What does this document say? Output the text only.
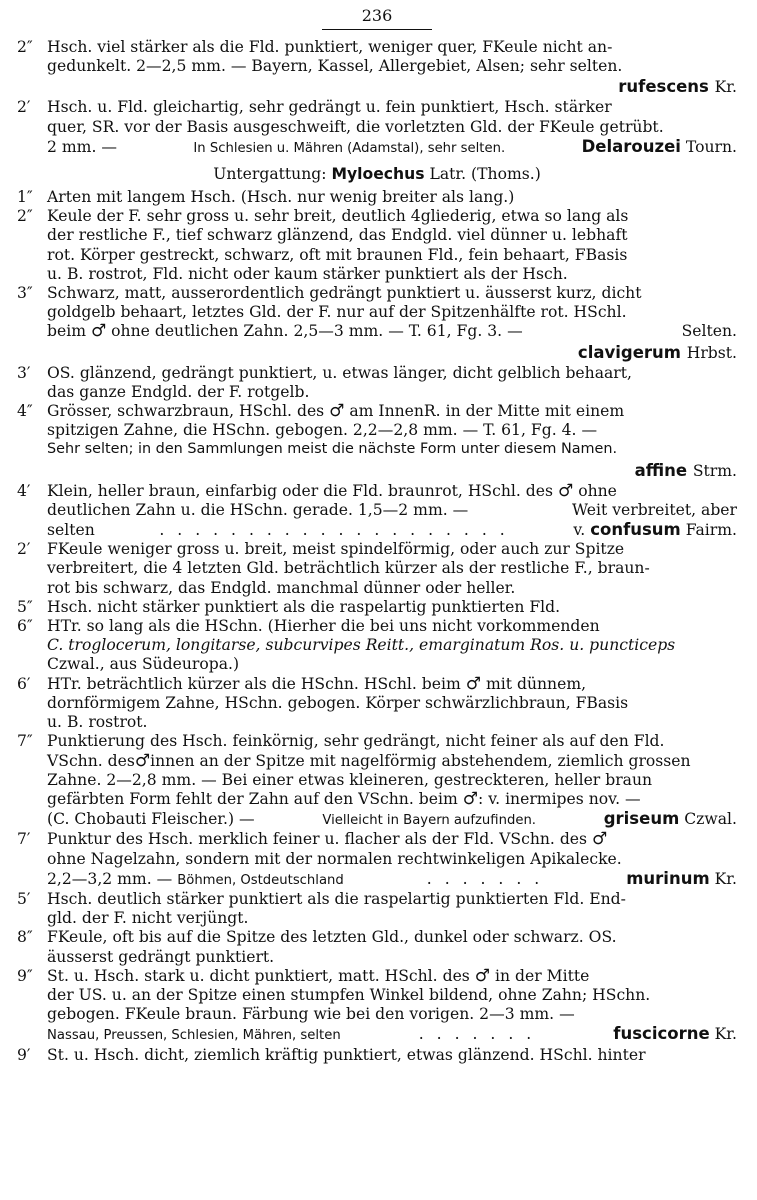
236
2″ Hsch. viel stärker als die Fld. punktiert, weniger quer, FKeule nicht an-
gedunkelt. 2—2,5 mm. — Bayern, Kassel, Allergebiet, Alsen; sehr selten.
rufescens Kr.
2′	Hsch. u. Fld. gleichartig, sehr gedrängt u. fein punktiert, Hsch. stärker
quer, SR. vor der Basis ausgeschweift, die vorletzten Gld. der FKeule getrübt.
2 mm. —	In Schlesien u. Mähren (Adamstal), sehr selten.	Delarouzei Tourn.
Untergattung: Myloechus Latr. (Thoms.)
1″ Arten mit langem Hsch. (Hsch. nur wenig breiter als lang.)
2″ Keule der F. sehr gross u. sehr breit, deutlich 4gliederig, etwa so lang als
der restliche F., tief schwarz glänzend, das Endgld. viel dünner u. lebhaft
rot. Körper gestreckt, schwarz, oft mit braunen Fld., fein behaart, FBasis
u. B. rostrot, Fld. nicht oder kaum stärker punktiert als der Hsch.
3″ Schwarz, matt, ausserordentlich gedrängt punktiert u. äusserst kurz, dicht
goldgelb behaart, letztes Gld. der F. nur auf der Spitzenhälfte rot. HSchl.
beim ♂ ohne deutlichen Zahn. 2,5—3 mm. — T. 61, Fg. 3. —	Selten.
clavigerum Hrbst.
3′	OS. glänzend, gedrängt punktiert, u. etwas länger, dicht gelblich behaart,
das ganze Endgld. der F. rotgelb.
4″ Grösser, schwarzbraun, HSchl. des ♂ am InnenR. in der Mitte mit einem
spitzigen Zahne, die HSchn. gebogen. 2,2—2,8 mm. — T. 61, Fg. 4. —
Sehr selten; in den Sammlungen meist die nächste Form unter diesem Namen.
affine Strm.
4′	Klein, heller braun, einfarbig oder die Fld. braunrot, HSchl. des ♂ ohne
deutlichen Zahn u. die HSchn. gerade. 1,5—2 mm. —	Weit verbreitet, aber
selten	. . . . . . . . . . . . . . . . . . . .	v. confusum Fairm.
2′	FKeule weniger gross u. breit, meist spindelförmig, oder auch zur Spitze
verbreitert, die 4 letzten Gld. beträchtlich kürzer als der restliche F., braun-
rot bis schwarz, das Endgld. manchmal dünner oder heller.
5″ Hsch. nicht stärker punktiert als die raspelartig punktierten Fld.
6″ HTr. so lang als die HSchn. (Hierher die bei uns nicht vorkommenden
C. troglocerum, longitarse, subcurvipes Reitt., emarginatum Ros. u. puncticeps
Czwal., aus Südeuropa.)
6′	HTr. beträchtlich kürzer als die HSchn. HSchl. beim ♂ mit dünnem,
dornförmigem Zahne, HSchn. gebogen. Körper schwärzlichbraun, FBasis
u. B. rostrot.
7″ Punktierung des Hsch. feinkörnig, sehr gedrängt, nicht feiner als auf den Fld.
VSchn. des♂innen an der Spitze mit nagelförmig abstehendem, ziemlich grossen
Zahne. 2—2,8 mm. — Bei einer etwas kleineren, gestreckteren, heller braun
gefärbten Form fehlt der Zahn auf den VSchn. beim ♂: v. inermipes nov. —
(C. Chobauti Fleischer.) —	Vielleicht in Bayern aufzufinden.	griseum Czwal.
7′	Punktur des Hsch. merklich feiner u. flacher als der Fld. VSchn. des ♂
ohne Nagelzahn, sondern mit der normalen rechtwinkeligen Apikalecke.
2,2—3,2 mm. — Böhmen, Ostdeutschland	. . . . . . .	murinum Kr.
5′	Hsch. deutlich stärker punktiert als die raspelartig punktierten Fld. End-
gld. der F. nicht verjüngt.
8″ FKeule, oft bis auf die Spitze des letzten Gld., dunkel oder schwarz. OS.
äusserst gedrängt punktiert.
9″ St. u. Hsch. stark u. dicht punktiert, matt. HSchl. des ♂ in der Mitte
der US. u. an der Spitze einen stumpfen Winkel bildend, ohne Zahn; HSchn.
gebogen. FKeule braun. Färbung wie bei den vorigen. 2—3 mm. —
Nassau, Preussen, Schlesien, Mähren, selten	. . . . . . .	fuscicorne Kr.
9′	St. u. Hsch. dicht, ziemlich kräftig punktiert, etwas glänzend. HSchl. hinter
